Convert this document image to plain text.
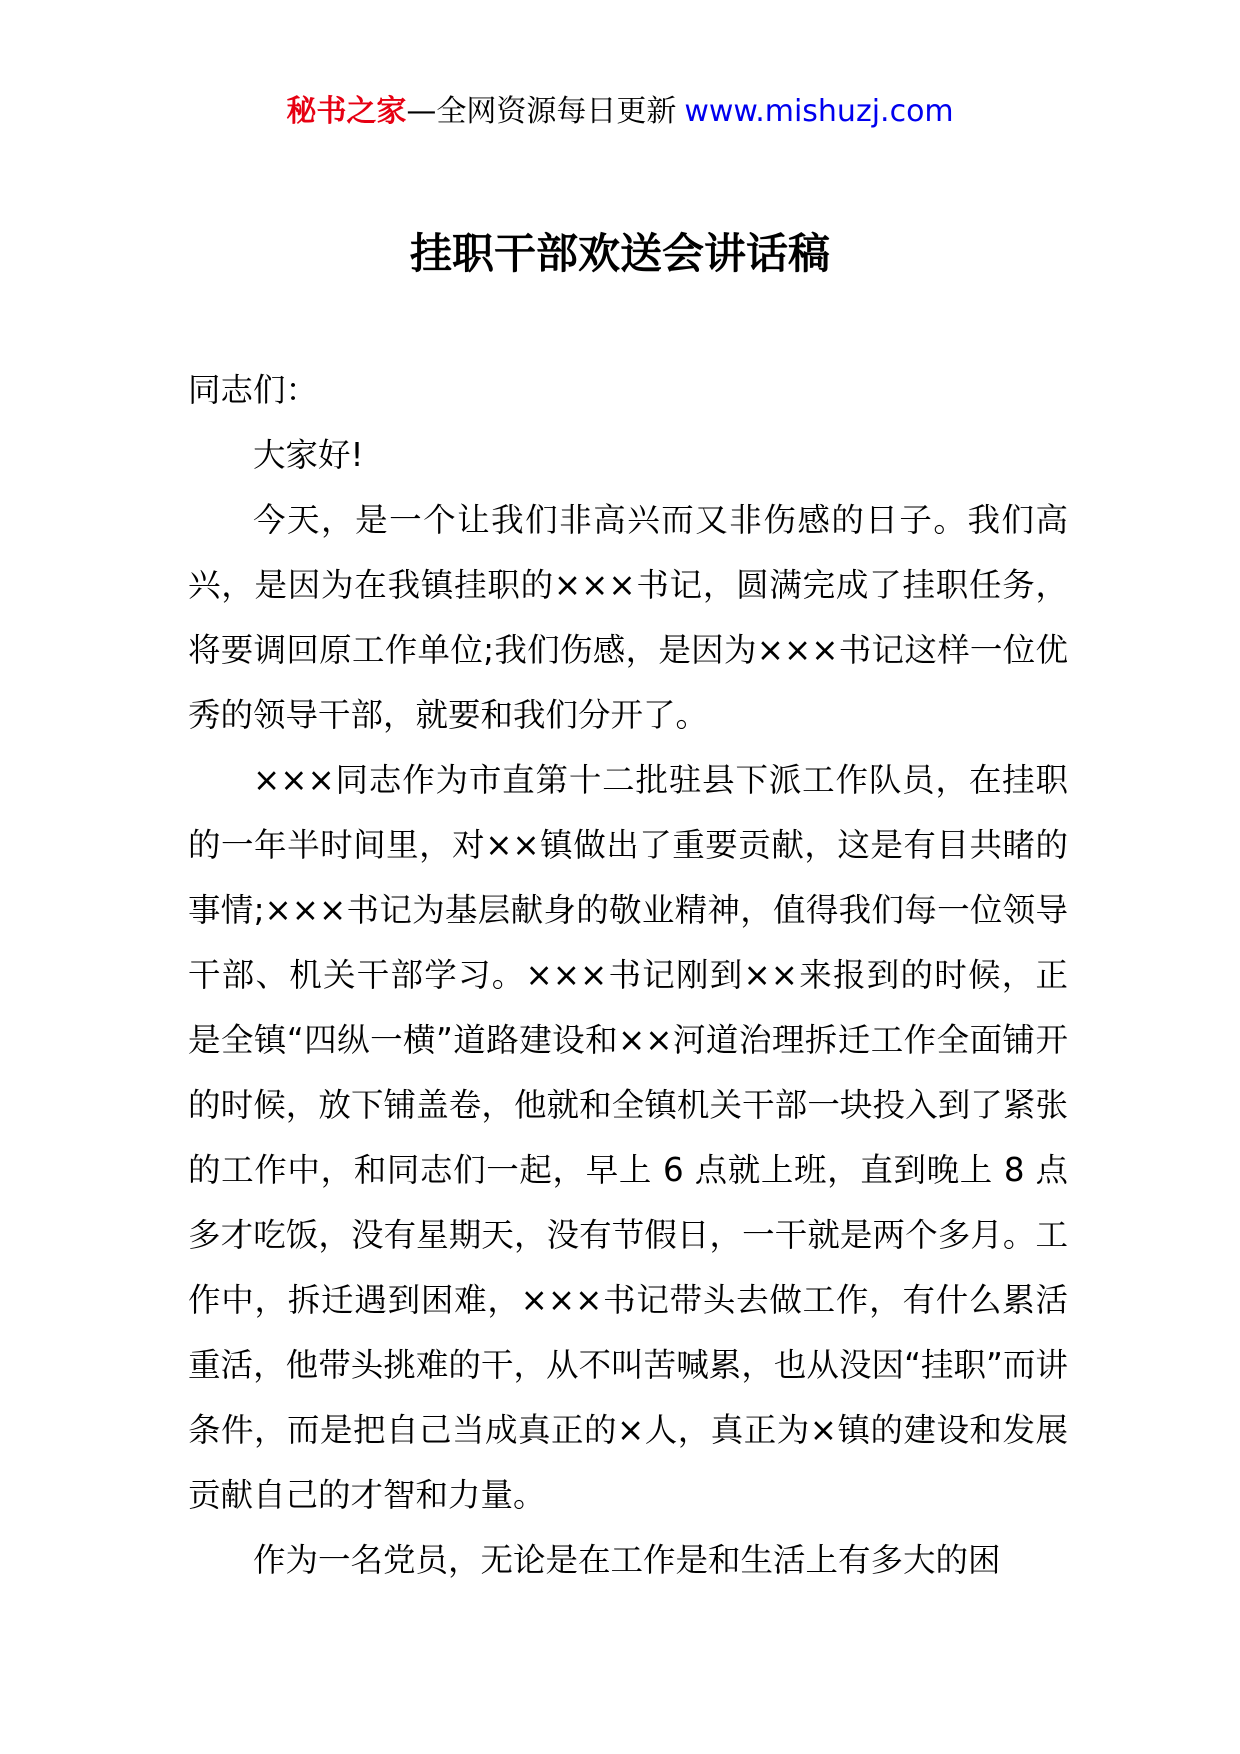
秘书之家—全网资源每日更新 www.mishuzj.com
挂职干部欢送会讲话稿

同志们：

大家好!

今天，是一个让我们非高兴而又非伤感的日子。我们高兴，是因为在我镇挂职的×××书记，圆满完成了挂职任务，将要调回原工作单位;我们伤感，是因为×××书记这样一位优秀的领导干部，就要和我们分开了。

×××同志作为市直第十二批驻县下派工作队员，在挂职的一年半时间里，对××镇做出了重要贡献，这是有目共睹的事情;×××书记为基层献身的敬业精神，值得我们每一位领导干部、机关干部学习。×××书记刚到××来报到的时候，正是全镇“四纵一横”道路建设和××河道治理拆迁工作全面铺开的时候，放下铺盖卷，他就和全镇机关干部一块投入到了紧张的工作中，和同志们一起，早上 6 点就上班，直到晚上 8 点多才吃饭，没有星期天，没有节假日，一干就是两个多月。工作中，拆迁遇到困难，×××书记带头去做工作，有什么累活重活，他带头挑难的干，从不叫苦喊累，也从没因“挂职”而讲条件，而是把自己当成真正的×人，真正为×镇的建设和发展贡献自己的才智和力量。

作为一名党员，无论是在工作是和生活上有多大的困
